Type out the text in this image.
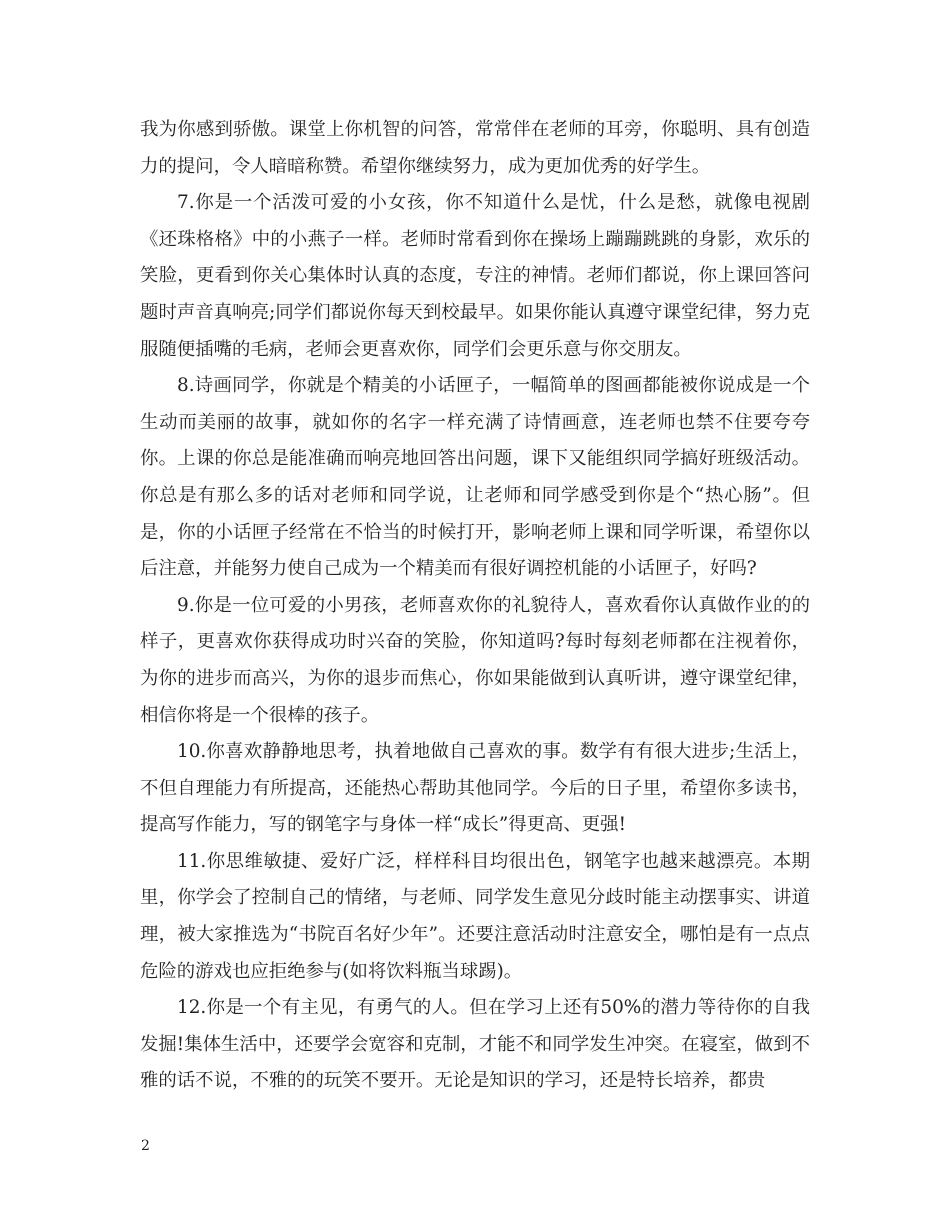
我为你感到骄傲。课堂上你机智的问答，常常伴在老师的耳旁，你聪明、具有创造力的提问，令人暗暗称赞。希望你继续努力，成为更加优秀的好学生。

7.你是一个活泼可爱的小女孩，你不知道什么是忧，什么是愁，就像电视剧《还珠格格》中的小燕子一样。老师时常看到你在操场上蹦蹦跳跳的身影，欢乐的笑脸，更看到你关心集体时认真的态度，专注的神情。老师们都说，你上课回答问题时声音真响亮;同学们都说你每天到校最早。如果你能认真遵守课堂纪律，努力克服随便插嘴的毛病，老师会更喜欢你，同学们会更乐意与你交朋友。

8.诗画同学，你就是个精美的小话匣子，一幅简单的图画都能被你说成是一个生动而美丽的故事，就如你的名字一样充满了诗情画意，连老师也禁不住要夸夸你。上课的你总是能准确而响亮地回答出问题，课下又能组织同学搞好班级活动。你总是有那么多的话对老师和同学说，让老师和同学感受到你是个“热心肠”。但是，你的小话匣子经常在不恰当的时候打开，影响老师上课和同学听课，希望你以后注意，并能努力使自己成为一个精美而有很好调控机能的小话匣子，好吗?

9.你是一位可爱的小男孩，老师喜欢你的礼貌待人，喜欢看你认真做作业的的样子，更喜欢你获得成功时兴奋的笑脸，你知道吗?每时每刻老师都在注视着你，为你的进步而高兴，为你的退步而焦心，你如果能做到认真听讲，遵守课堂纪律，相信你将是一个很棒的孩子。

10.你喜欢静静地思考，执着地做自己喜欢的事。数学有有很大进步;生活上，不但自理能力有所提高，还能热心帮助其他同学。今后的日子里，希望你多读书，提高写作能力，写的钢笔字与身体一样“成长”得更高、更强!

11.你思维敏捷、爱好广泛，样样科目均很出色，钢笔字也越来越漂亮。本期里，你学会了控制自己的情绪，与老师、同学发生意见分歧时能主动摆事实、讲道理，被大家推选为“书院百名好少年”。还要注意活动时注意安全，哪怕是有一点点危险的游戏也应拒绝参与(如将饮料瓶当球踢)。

12.你是一个有主见，有勇气的人。但在学习上还有50%的潜力等待你的自我发掘!集体生活中，还要学会宽容和克制，才能不和同学发生冲突。在寝室，做到不雅的话不说，不雅的的玩笑不要开。无论是知识的学习，还是特长培养，都贵

2
